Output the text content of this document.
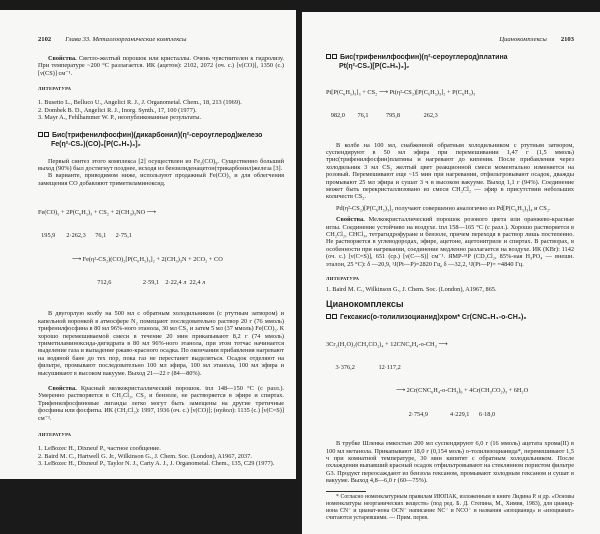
2102 Глава 33. Металлоорганические комплексы
Свойства. Светло-желтый порошок или кристаллы. Очень чувствителен к гидролизу. При температуре ~200 °С разлагается. ИК (ацетон): 2102, 2072 (оч. с.) [ν(CO)], 1350 (с.) [ν(CS)] см⁻¹.
ЛИТЕРАТУРА
1. Busetto L., Belluco U., Angelici R. J., J. Organometal. Chem., 18, 213 (1969).
2. Dombek B. D., Angelici R. J., Inorg. Synth., 17, 100 (1977).
3. Mayr A., Fehlhammer W. P., неопубликованные результаты.
Бис(трифенилфосфин)(дикарбонил)(η²-сероуглерод)железо
Fe(η²-CS₂)(CO)₂[P(C₆H₅)₃]₂
Первый синтез этого комплекса [2] осуществлен из Fe₂(CO)₉. Существенно больший выход (90%) был достигнут позднее, исходя из бензилиденацетон(трикарбонил)железа [3].
В варианте, приводимом ниже, используют продажный Fe(CO)₅ и для облегчения замещения CO добавляют триметиламиноксид.

Fe(CO)₅ + 2P(C₆H₅)₃ + CS₂ + 2(CH₃)₃NO ⟶

195,9       2·262,3      76,1      2·75,1

⟶ Fe(η²-CS₂)(CO)₂[P(C₆H₅)₃]₂ + 2(CH₃)₃N + 2CO₂ + CO

712,6                    2·59,1    2·22,4 л  22,4 л

В двугорлую колбу на 500 мл с обратным холодильником (с ртутным затвором) и капельной воронкой в атмосфере N₂ помещают последовательно раствор 20 г (76 ммоль) трифенилфосфина в 80 мл 96%-ного этанола, 30 мл CS₂ и затем 5 мл (37 ммоль) Fe(CO)₅. К хорошо перемешиваемой смеси в течение 20 мин прикапывают 8,2 г (74 ммоль) триметиламиноксида-дигидрата в 80 мл 96%-ного этанола, при этом тотчас начинается выделение газа и выпадение ржаво-красного осадка. По окончании прибавления нагревают на водяной бане до тех пор, пока газ не перестанет выделяться. Осадок отделяют на фильтре, промывают последовательно 100 мл эфира, 100 мл этанола, 100 мл эфира и высушивают в высоком вакууме. Выход 21—22 г (84—80%).
Свойства. Красный мелкокристаллический порошок. tпл 148—150 °С (с разл.). Умеренно растворяется в CH₂Cl₂, CS₂ и бензоле, не растворяется в эфире и спиртах. Трифенилфосфиновые лиганды легко могут быть замещены на другие третичные фосфины или фосфиты. ИК (CH₂Cl₂): 1997, 1936 (оч. с.) [ν(CO)]; (нуйол): 1135 (с.) [ν(C=S)] см⁻¹.
ЛИТЕРАТУРА
1. LeBozec H., Dixneuf P., частное сообщение.
2. Baird M. C., Hartwell G. Jr., Wilkinson G., J. Chem. Soc. (London), A1967, 2037.
3. LeBozec H., Dixneuf P., Taylor N. J., Carty A. J., J. Organometal. Chem., 135, C29 (1977).
Цианокомплексы 2103
Бис(трифенилфосфин)(η²-сероуглерод)платина
Pt(η²-CS₂)[P(C₆H₅)₃]₂

Pt[P(C₆H₅)₃]₃ + CS₂ ⟶ Pt(η²-CS₂)[P(C₆H₅)₃]₂ + P(C₆H₅)₃

982,0        76,1           795,8               262,3

В колбе на 100 мл, снабженной обратным холодильником с ртутным затвором, суспендируют в 50 мл эфира при перемешивании 1,47 г (1,5 ммоль) трис(трифенилфосфин)платины и нагревают до кипения. После прибавления через холодильник 3 мл CS₂ желтый цвет реакционной смеси моментально изменяется на розовый. Перемешивают еще ~15 мин при нагревании, отфильтровывают осадок, дважды промывают 25 мл эфира и сушат 3 ч в высоком вакууме. Выход 1,1 г (94%). Соединение может быть перекристаллизовано из смеси CH₂Cl₂ — эфир в присутствии небольших количеств CS₂.
Pd(η²-CS₂)[P(C₆H₅)₃]₂ получают совершенно аналогично из Pd[P(C₆H₅)₃]₄ и CS₂.
Свойства. Мелкокристаллический порошок розового цвета или оранжево-красные иглы. Соединение устойчиво на воздухе. tпл 158—165 °С (с разл.). Хорошо растворяется в CH₂Cl₂, CHCl₃, тетрагидрофуране и бензоле, причем переходя в раствор лишь постепенно. Не растворяется в углеводородах, эфире, ацетоне, ацетонитриле и спиртах. В растворах, в особенности при нагревании, соединение медленно разлагается на воздухе. ИК (KBr): 1142 (оч. с.) [ν(C=S)], 651 (ср.) [ν(C—S)] см⁻¹. ЯМР-³¹P (CD₂Cl₂, 85%-ная H₃PO₄ — внешн. эталон, 25 °C): δ —20,9, ¹J(Pt—P)=2820 Гц, δ —32,2, ¹J(Pt—P)= =4840 Гц.
ЛИТЕРАТУРА
1. Baird M. C., Wilkinson G., J. Chem. Soc. (London), A1967, 865.
Цианокомплексы
Гексакис(о-толилизоцианид)хром* Cr(CNC₆H₄-o-CH₃)₆

3Cr₂(H₂O)₂(CH₃CO₂)₄ + 12CNC₆H₄-o-CH₃ ⟶

3·376,2               12·117,2

⟶ 2Cr(CNC₆H₄-o-CH₃)₆ + 4Cr(CH₃CO₂)₃ + 6H₂O

2·754,9              4·229,1      6·18,0

В трубке Шленка емкостью 200 мл суспендируют 6,0 г (16 ммоль) ацетата хрома(II) в 100 мл метанола. Прикапывают 18,0 г (0,154 моль) о-толилизоцианида*, перемешивают 1,5 ч при комнатной температуре, 30 мин кипятят с обратным холодильником. После охлаждения выпавший красный осадок отфильтровывают на стеклянном пористом фильтре G3. Продукт переосаждают из бензола гексаном, промывают холодным гексаном и сушат в вакууме. Выход 4,8—6,0 г (60—75%).
* Согласно номенклатурным правилам ИЮПАК, изложенным в книге Лидина Р. и др. «Основы номенклатуры неорганических веществ» (под ред. Б. Д. Степина, М., Химия, 1983), для цианид-иона CN⁻ и цианат-иона OCN⁻ написание NC⁻ и NCO⁻ и названия «изоцианид» и «изоцианат» считаются устаревшими. — Прим. перев.
